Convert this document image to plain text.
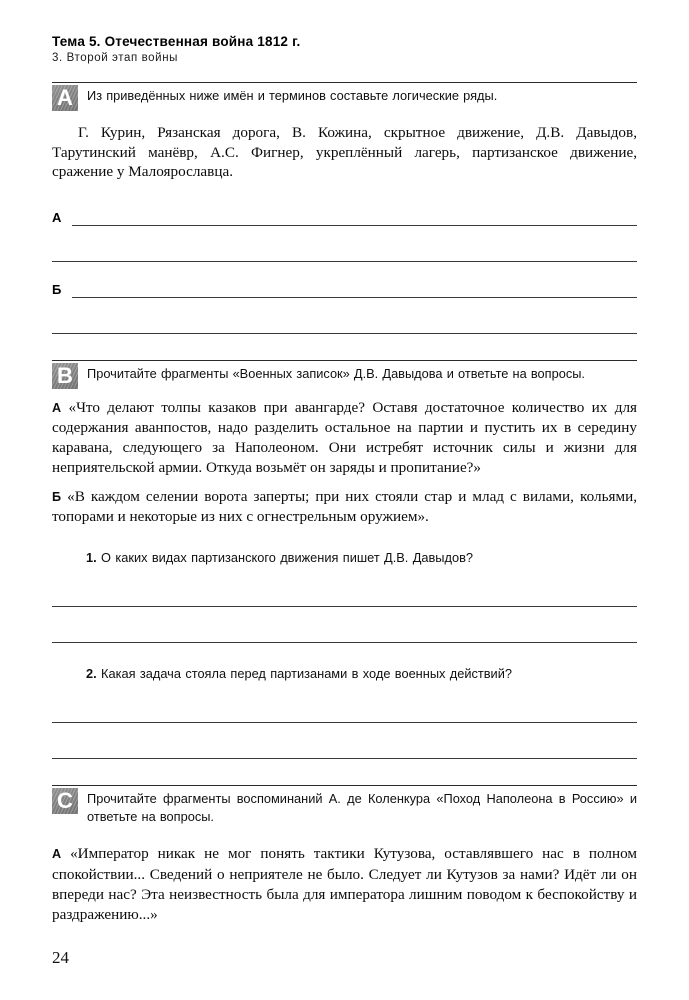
Тема 5. Отечественная война 1812 г.
3. Второй этап войны
А	Из приведённых ниже имён и терминов составьте логические ряды.

Г. Курин, Рязанская дорога, В. Кожина, скрытное движение, Д.В. Давыдов, Тарутинский манёвр, А.С. Фигнер, укреплённый лагерь, партизанское движение, сражение у Малоярославца.

А
Б
В	Прочитайте фрагменты «Военных записок» Д.В. Давыдова и ответьте на вопросы.

А «Что делают толпы казаков при авангарде? Оставя достаточное количество их для содержания аванпостов, надо разделить остальное на партии и пустить их в середину каравана, следующего за Наполеоном. Они истребят источник силы и жизни для неприятельской армии. Откуда возьмёт он заряды и пропитание?»

Б «В каждом селении ворота заперты; при них стояли стар и млад с вилами, кольями, топорами и некоторые из них с огнестрельным оружием».

1. О каких видах партизанского движения пишет Д.В. Давыдов?

2. Какая задача стояла перед партизанами в ходе военных действий?

С	Прочитайте фрагменты воспоминаний А. де Коленкура «Поход Наполеона в Россию» и ответьте на вопросы.

А «Император никак не мог понять тактики Кутузова, оставлявшего нас в полном спокойствии... Сведений о неприятеле не было. Следует ли Кутузов за нами? Идёт ли он впереди нас? Эта неизвестность была для императора лишним поводом к беспокойству и раздражению...»

24
